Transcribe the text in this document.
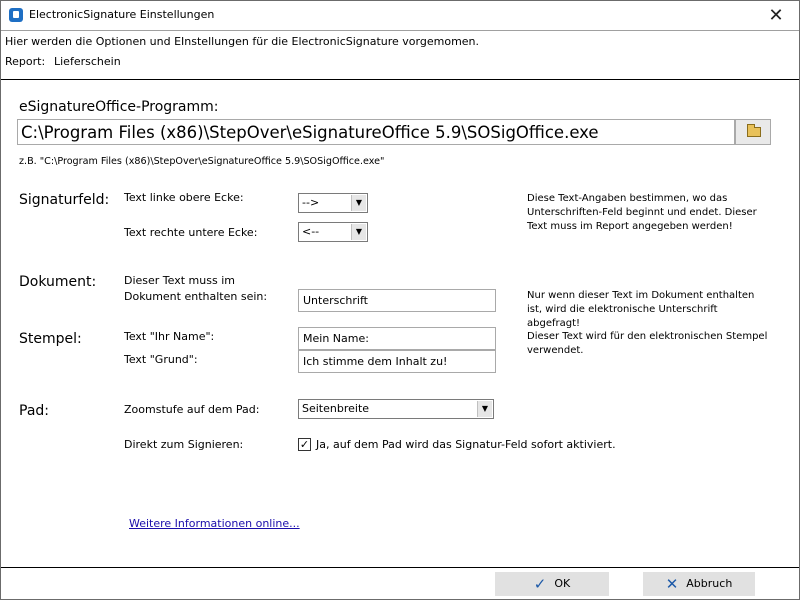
ElectronicSignature Einstellungen	✕
Hier werden die Optionen und EInstellungen für die ElectronicSignature vorgemomen.
Report: Lieferschein
eSignatureOffice-Programm:
C:\Program Files (x86)\StepOver\eSignatureOffice 5.9\SOSigOffice.exe
z.B. "C:\Program Files (x86)\StepOver\eSignatureOffice 5.9\SOSigOffice.exe"
Signaturfeld: Text linke obere Ecke:	-->	▼
Text rechte untere Ecke:	<--	▼
Diese Text-Angaben bestimmen, wo das Unterschriften-Feld beginnt und endet. Dieser Text muss im Report angegeben werden!
Dokument:	Dieser Text muss im Dokument enthalten sein:	Unterschrift	Nur wenn dieser Text im Dokument enthalten ist, wird die elektronische Unterschrift abgefragt!
Stempel:	Text "Ihr Name":	Mein Name:
Text "Grund":	Ich stimme dem Inhalt zu!
Dieser Text wird für den elektronischen Stempel verwendet.
Pad:	Zoomstufe auf dem Pad:	Seitenbreite	▼
Direkt zum Signieren:	✓ Ja, auf dem Pad wird das Signatur-Feld sofort aktiviert.
Weitere Informationen online...
✓ OK	✕ Abbruch
